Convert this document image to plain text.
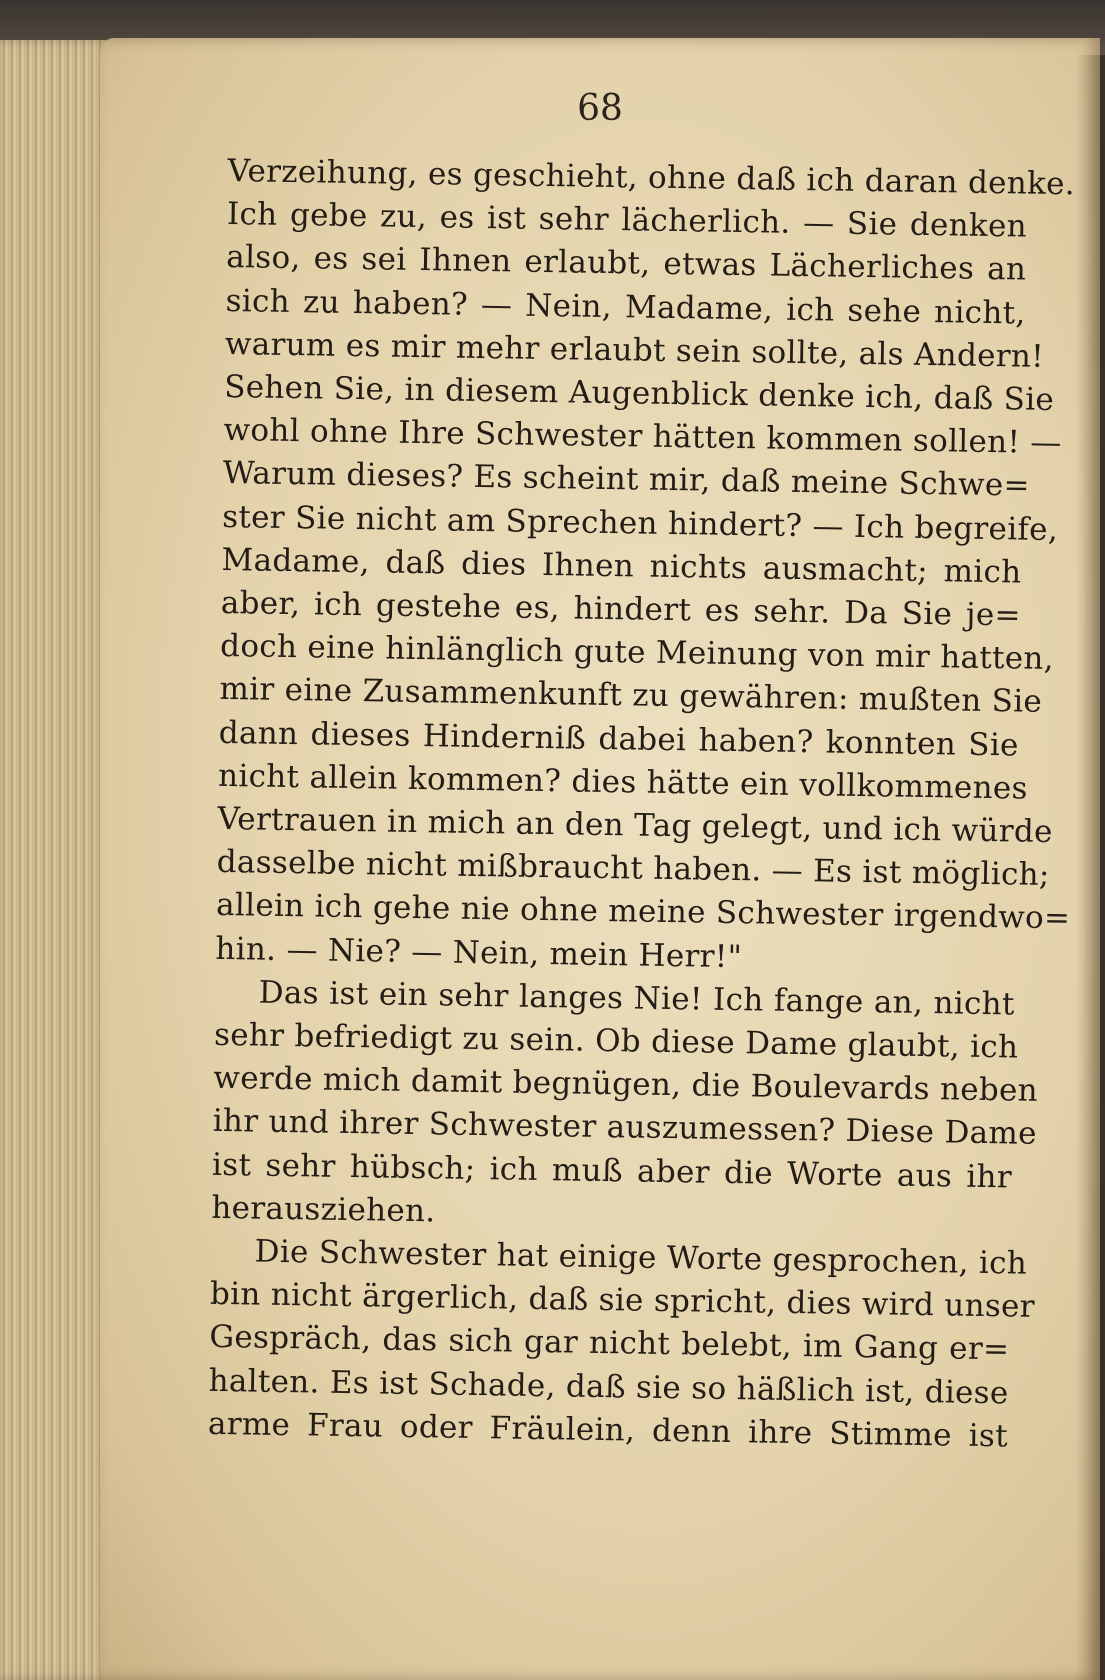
68

Verzeihung, es geschieht, ohne daß ich daran denke.
Ich gebe zu, es ist sehr lächerlich. — Sie denken
also, es sei Ihnen erlaubt, etwas Lächerliches an
sich zu haben? — Nein, Madame, ich sehe nicht,
warum es mir mehr erlaubt sein sollte, als Andern!
Sehen Sie, in diesem Augenblick denke ich, daß Sie
wohl ohne Ihre Schwester hätten kommen sollen! —
Warum dieses? Es scheint mir, daß meine Schwe=
ster Sie nicht am Sprechen hindert? — Ich begreife,
Madame, daß dies Ihnen nichts ausmacht; mich
aber, ich gestehe es, hindert es sehr. Da Sie je=
doch eine hinlänglich gute Meinung von mir hatten,
mir eine Zusammenkunft zu gewähren: mußten Sie
dann dieses Hinderniß dabei haben? konnten Sie
nicht allein kommen? dies hätte ein vollkommenes
Vertrauen in mich an den Tag gelegt, und ich würde
dasselbe nicht mißbraucht haben. — Es ist möglich;
allein ich gehe nie ohne meine Schwester irgendwo=
hin. — Nie? — Nein, mein Herr!"

Das ist ein sehr langes Nie! Ich fange an, nicht
sehr befriedigt zu sein. Ob diese Dame glaubt, ich
werde mich damit begnügen, die Boulevards neben
ihr und ihrer Schwester auszumessen? Diese Dame
ist sehr hübsch; ich muß aber die Worte aus ihr
herausziehen.

Die Schwester hat einige Worte gesprochen, ich
bin nicht ärgerlich, daß sie spricht, dies wird unser
Gespräch, das sich gar nicht belebt, im Gang er=
halten. Es ist Schade, daß sie so häßlich ist, diese
arme Frau oder Fräulein, denn ihre Stimme ist
